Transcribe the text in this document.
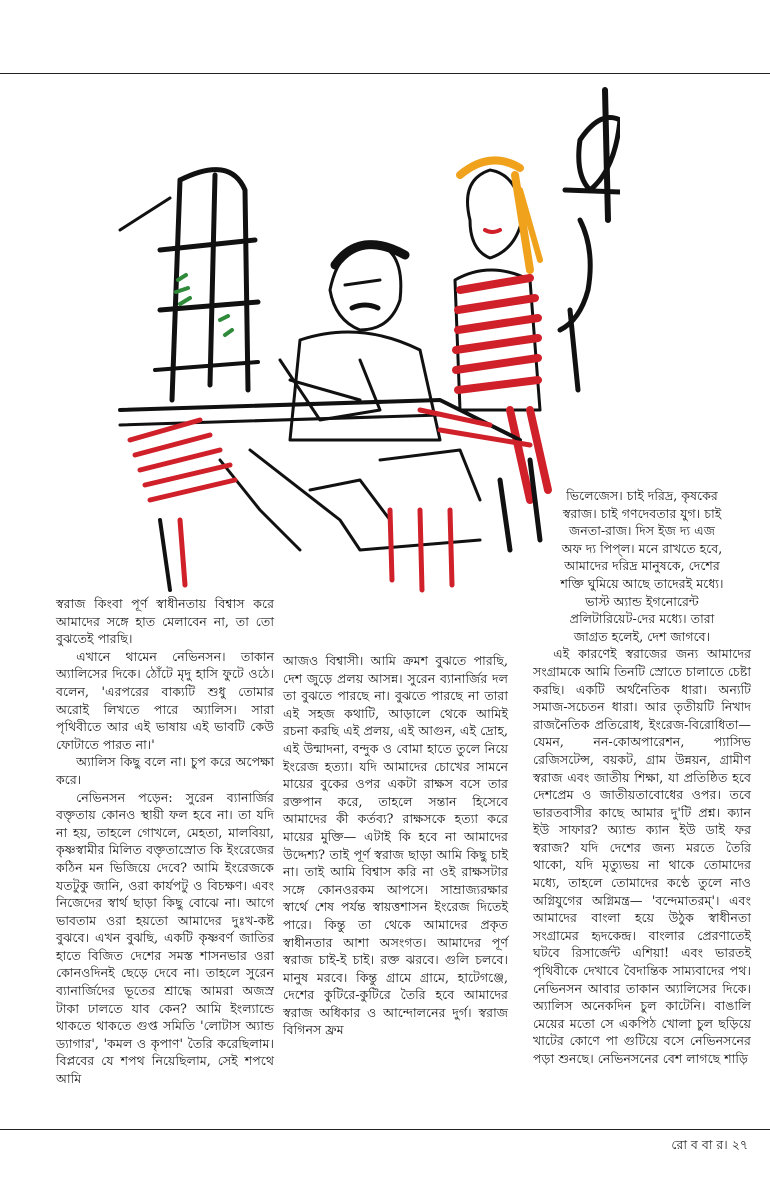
স্বরাজ কিংবা পূর্ণ স্বাধীনতায় বিশ্বাস করে আমাদের সঙ্গে হাত মেলাবেন না, তা তো বুঝতেই পারছি।

এখানে থামেন নেভিনসন। তাকান অ্যালিসের দিকে। ঠোঁটে মৃদু হাসি ফুটে ওঠে। বলেন, 'এরপরের বাক্যটি শুধু তোমার অরোই লিখতে পারে অ্যালিস। সারা পৃথিবীতে আর এই ভাষায় এই ভাবটি কেউ ফোটাতে পারত না।'

অ্যালিস কিছু বলে না। চুপ করে অপেক্ষা করে।

নেভিনসন পড়েন: সুরেন ব্যানার্জির বক্তৃতায় কোনও স্থায়ী ফল হবে না। তা যদি না হয়, তাহলে গোখলে, মেহতা, মালবিয়া, কৃষ্ণস্বামীর মিলিত বক্তৃতাস্রোত কি ইংরেজের কঠিন মন ভিজিয়ে দেবে? আমি ইংরেজকে যতটুকু জানি, ওরা কার্যপটু ও বিচক্ষণ। এবং নিজেদের স্বার্থ ছাড়া কিছু বোঝে না। আগে ভাবতাম ওরা হয়তো আমাদের দুঃখ-কষ্ট বুঝবে। এখন বুঝছি, একটি কৃষ্ণবর্ণ জাতির হাতে বিজিত দেশের সমস্ত শাসনভার ওরা কোনওদিনই ছেড়ে দেবে না। তাহলে সুরেন ব্যানার্জিদের ভূতের শ্রাদ্ধে আমরা অজস্র টাকা ঢালতে যাব কেন? আমি ইংল্যান্ডে থাকতে থাকতে গুপ্ত সমিতি 'লোটাস অ্যান্ড ড্যাগার', 'কমল ও কৃপাণ' তৈরি করেছিলাম। বিপ্লবের যে শপথ নিয়েছিলাম, সেই শপথে আমি

আজও বিশ্বাসী। আমি ক্রমশ বুঝতে পারছি, দেশ জুড়ে প্রলয় আসন্ন। সুরেন ব্যানার্জির দল তা বুঝতে পারছে না। বুঝতে পারছে না তারা এই সহজ কথাটি, আড়ালে থেকে আমিই রচনা করছি এই প্রলয়, এই আগুন, এই দ্রোহ, এই উন্মাদনা, বন্দুক ও বোমা হাতে তুলে নিয়ে ইংরেজ হত্যা। যদি আমাদের চোখের সামনে মায়ের বুকের ওপর একটা রাক্ষস বসে তার রক্তপান করে, তাহলে সন্তান হিসেবে আমাদের কী কর্তব্য? রাক্ষসকে হত্যা করে মায়ের মুক্তি— এটাই কি হবে না আমাদের উদ্দেশ্য? তাই পূর্ণ স্বরাজ ছাড়া আমি কিছু চাই না। তাই আমি বিশ্বাস করি না ওই রাক্ষসটার সঙ্গে কোনওরকম আপসে। সাম্রাজ্যরক্ষার স্বার্থে শেষ পর্যন্ত স্বায়ত্তশাসন ইংরেজ দিতেই পারে। কিন্তু তা থেকে আমাদের প্রকৃত স্বাধীনতার আশা অসংগত। আমাদের পূর্ণ স্বরাজ চাই-ই চাই। রক্ত ঝরবে। গুলি চলবে। মানুষ মরবে। কিন্তু গ্রামে গ্রামে, হাটেগঞ্জে, দেশের কুটিরে-কুটিরে তৈরি হবে আমাদের স্বরাজ অধিকার ও আন্দোলনের দুর্গ। স্বরাজ বিগিনস ফ্রম

ভিলেজেস। চাই দরিদ্র, কৃষকের

স্বরাজ। চাই গণদেবতার যুগ। চাই

জনতা-রাজ। দিস ইজ দ্য এজ

অফ দ্য পিপ্‌ল। মনে রাখতে হবে,

আমাদের দরিদ্র মানুষকে, দেশের

শক্তি ঘুমিয়ে আছে তাদেরই মধ্যে।

ভাস্ট অ্যান্ড ইগনোরেন্ট

প্রলিটারিয়েট-দের মধ্যে। তারা

জাগ্রত হলেই, দেশ জাগবে।

এই কারণেই স্বরাজের জন্য আমাদের সংগ্রামকে আমি তিনটি স্রোতে চালাতে চেষ্টা করছি। একটি অর্থনৈতিক ধারা। অন্যটি সমাজ-সচেতন ধারা। আর তৃতীয়টি নিখাদ রাজনৈতিক প্রতিরোধ, ইংরেজ-বিরোধিতা— যেমন, নন-কোঅপারেশন, প্যাসিভ রেজিসটেন্স, বয়কট, গ্রাম উন্নয়ন, গ্রামীণ স্বরাজ এবং জাতীয় শিক্ষা, যা প্রতিষ্ঠিত হবে দেশপ্রেম ও জাতীয়তাবোধের ওপর। তবে ভারতবাসীর কাছে আমার দু'টি প্রশ্ন। ক্যান ইউ সাফার? অ্যান্ড ক্যান ইউ ডাই ফর স্বরাজ? যদি দেশের জন্য মরতে তৈরি থাকো, যদি মৃত্যুভয় না থাকে তোমাদের মধ্যে, তাহলে তোমাদের কণ্ঠে তুলে নাও অগ্নিযুগের অগ্নিমন্ত্র— 'বন্দেমাতরম্'। এবং আমাদের বাংলা হয়ে উঠুক স্বাধীনতা সংগ্রামের হৃদকেন্দ্র। বাংলার প্রেরণাতেই ঘটবে রিসার্জেন্ট এশিয়া! এবং ভারতই পৃথিবীকে দেখাবে বৈদান্তিক সাম্যবাদের পথ। নেভিনসন আবার তাকান অ্যালিসের দিকে। অ্যালিস অনেকদিন চুল কাটেনি। বাঙালি মেয়ের মতো সে একপিঠ খোলা চুল ছড়িয়ে খাটের কোণে পা গুটিয়ে বসে নেভিনসনের পড়া শুনছে। নেভিনসনের বেশ লাগছে শাড়ি

রো ব বা র। ২৭
